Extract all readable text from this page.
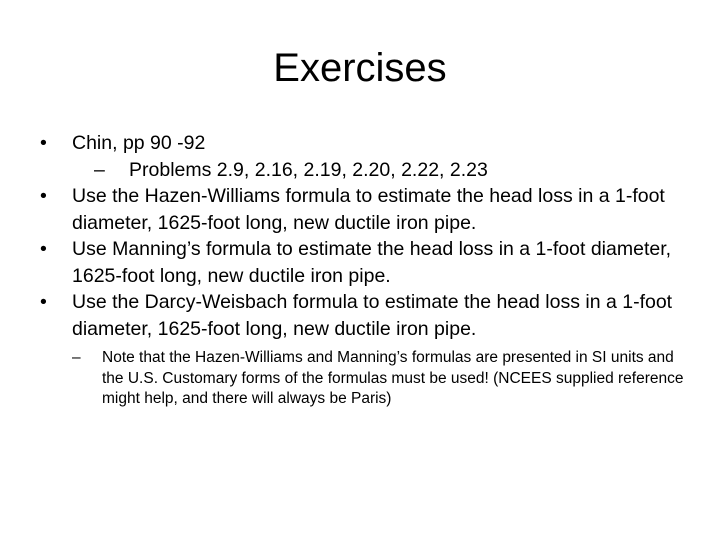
Exercises

• Chin, pp 90 -92

– Problems 2.9, 2.16, 2.19, 2.20, 2.22, 2.23

• Use the Hazen-Williams formula to estimate the head loss in a 1-foot diameter, 1625-foot long, new ductile iron pipe.

• Use Manning’s formula to estimate the head loss in a 1-foot diameter, 1625-foot long, new ductile iron pipe.

• Use the Darcy-Weisbach formula to estimate the head loss in a 1-foot diameter, 1625-foot long, new ductile iron pipe.

– Note that the Hazen-Williams and Manning’s formulas are presented in SI units and the U.S. Customary forms of the formulas must be used! (NCEES supplied reference might help, and there will always be Paris)
